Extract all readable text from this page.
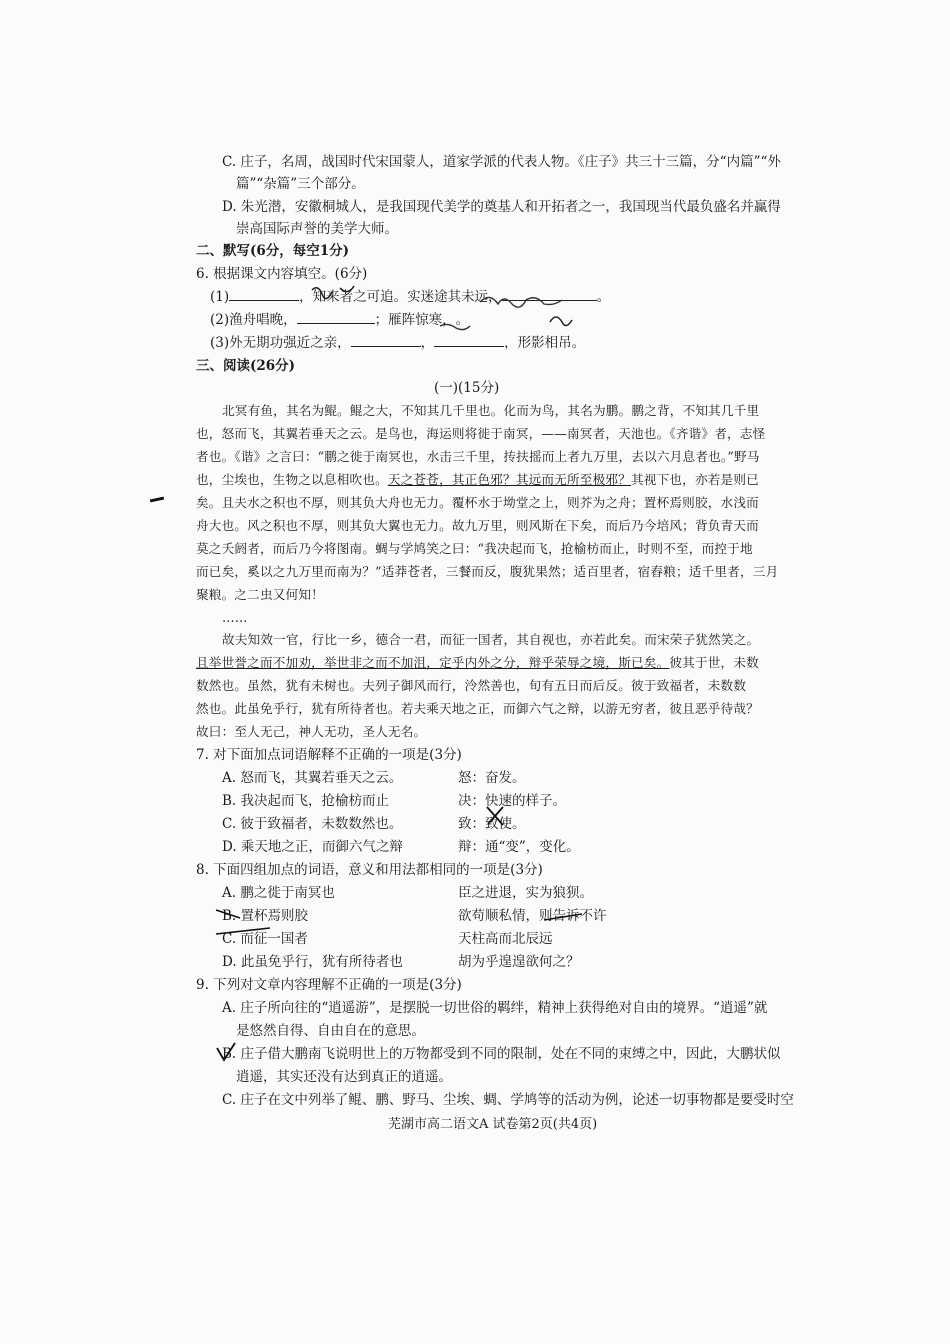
C. 庄子，名周，战国时代宋国蒙人，道家学派的代表人物。《庄子》共三十三篇，分“内篇”“外
篇”“杂篇”三个部分。
D. 朱光潜，安徽桐城人，是我国现代美学的奠基人和开拓者之一，我国现当代最负盛名并赢得
崇高国际声誉的美学大师。
二、默写(6分，每空1分)
6. 根据课文内容填空。(6分)
(1)	，知来者之可追。实迷途其未远，	。
(2)渔舟唱晚，	；雁阵惊寒，。
(3)外无期功强近之亲，	，	，形影相吊。
三、阅读(26分)
(一)(15分)
北冥有鱼，其名为鲲。鲲之大，不知其几千里也。化而为鸟，其名为鹏。鹏之背，不知其几千里
也，怒而飞，其翼若垂天之云。是鸟也，海运则将徙于南冥，——南冥者，天池也。《齐谐》者，志怪
者也。《谐》之言曰：“鹏之徙于南冥也，水击三千里，抟扶摇而上者九万里，去以六月息者也。”野马
也，尘埃也，生物之以息相吹也。天之苍苍，其正色邪？其远而无所至极邪？其视下也，亦若是则已
矣。且夫水之积也不厚，则其负大舟也无力。覆杯水于坳堂之上，则芥为之舟；置杯焉则胶，水浅而
舟大也。风之积也不厚，则其负大翼也无力。故九万里，则风斯在下矣，而后乃今培风；背负青天而
莫之夭阏者，而后乃今将图南。蜩与学鸠笑之曰：“我决起而飞，抢榆枋而止，时则不至，而控于地
而已矣，奚以之九万里而南为？”适莽苍者，三餐而反，腹犹果然；适百里者，宿舂粮；适千里者，三月
聚粮。之二虫又何知！
……
故夫知效一官，行比一乡，德合一君，而征一国者，其自视也，亦若此矣。而宋荣子犹然笑之。
且举世誉之而不加劝，举世非之而不加沮，定乎内外之分，辩乎荣辱之境，斯已矣。彼其于世，未数
数然也。虽然，犹有未树也。夫列子御风而行，泠然善也，旬有五日而后反。彼于致福者，未数数
然也。此虽免乎行，犹有所待者也。若夫乘天地之正，而御六气之辩，以游无穷者，彼且恶乎待哉？
故曰：至人无己，神人无功，圣人无名。
7. 对下面加点词语解释不正确的一项是(3分)
A. 怒而飞，其翼若垂天之云。	怒：奋发。
B. 我决起而飞，抢榆枋而止	决：快速的样子。
C. 彼于致福者，未数数然也。	致：致使。
D. 乘天地之正，而御六气之辩	辩：通“变”，变化。
8. 下面四组加点的词语，意义和用法都相同的一项是(3分)
A. 鹏之徙于南冥也	臣之进退，实为狼狈。
B. 置杯焉则胶	欲苟顺私情，则告诉不许
C. 而征一国者	天柱高而北辰远
D. 此虽免乎行，犹有所待者也	胡为乎遑遑欲何之？
9. 下列对文章内容理解不正确的一项是(3分)
A. 庄子所向往的“逍遥游”，是摆脱一切世俗的羁绊，精神上获得绝对自由的境界。“逍遥”就
是悠然自得、自由自在的意思。
B. 庄子借大鹏南飞说明世上的万物都受到不同的限制，处在不同的束缚之中，因此，大鹏状似
逍遥，其实还没有达到真正的逍遥。
C. 庄子在文中列举了鲲、鹏、野马、尘埃、蜩、学鸠等的活动为例，论述一切事物都是要受时空
芜湖市高二语文A 试卷第2页(共4页)
